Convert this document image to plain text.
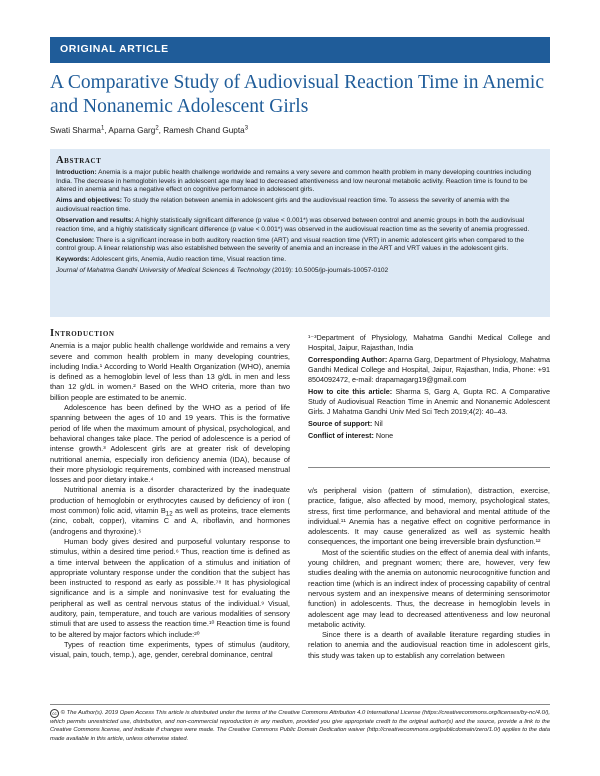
ORIGINAL ARTICLE
A Comparative Study of Audiovisual Reaction Time in Anemic and Nonanemic Adolescent Girls
Swati Sharma$^1$, Aparna Garg$^2$, Ramesh Chand Gupta$^3$
Abstract

Introduction: Anemia is a major public health challenge worldwide and remains a very severe and common health problem in many developing countries including India. The decrease in hemoglobin levels in adolescent age may lead to decreased attentiveness and low neuronal metabolic activity. Reaction time is found to be altered in anemia and has a negative effect on cognitive performance in adolescent girls.

Aims and objectives: To study the relation between anemia in adolescent girls and the audiovisual reaction time. To assess the severity of anemia with the audiovisual reaction time.

Observation and results: A highly statistically significant difference (p value < 0.001*) was observed between control and anemic groups in both the audiovisual reaction time, and a highly statistically significant difference (p value < 0.001*) was observed in the audiovisual reaction time as the severity of anemia progressed.

Conclusion: There is a significant increase in both auditory reaction time (ART) and visual reaction time (VRT) in anemic adolescent girls when compared to the control group. A linear relationship was also established between the severity of anemia and an increase in the ART and VRT values in the adolescent girls.

Keywords: Adolescent girls, Anemia, Audio reaction time, Visual reaction time.

Journal of Mahatma Gandhi University of Medical Sciences & Technology (2019): 10.5005/jp-journals-10057-0102

Introduction

Anemia is a major public health challenge worldwide and remains a very severe and common health problem in many developing countries, including India.¹ According to World Health Organization (WHO), anemia is defined as a hemoglobin level of less than 13 g/dL in men and less than 12 g/dL in women.² Based on the WHO criteria, more than two billion people are estimated to be anemic.

Adolescence has been defined by the WHO as a period of life spanning between the ages of 10 and 19 years. This is the formative period of life when the maximum amount of physical, psychological, and behavioral changes take place. The period of adolescence is a period of intense growth.³ Adolescent girls are at greater risk of developing nutritional anemia, especially iron deficiency anemia (IDA), because of their more physiologic requirements, combined with increased menstrual losses and poor dietary intake.⁴

Nutritional anemia is a disorder characterized by the inadequate production of hemoglobin or erythrocytes caused by deficiency of iron ( most common) folic acid, vitamin $B_{12}$ as well as proteins, trace elements (zinc, cobalt, copper), vitamins C and A, riboflavin, and hormones (androgens and thyroxine).⁵

Human body gives desired and purposeful voluntary response to stimulus, within a desired time period.⁶ Thus, reaction time is defined as a time interval between the application of a stimulus and initiation of appropriate voluntary response under the condition that the subject has been instructed to respond as early as possible.⁷⁸ It has physiological significance and is a simple and noninvasive test for evaluating the peripheral as well as central nervous status of the individual.⁹ Visual, auditory, pain, temperature, and touch are various modalities of sensory stimuli that are used to assess the reaction time.¹⁰ Reaction time is found to be altered by major factors which include:²⁰

Types of reaction time experiments, types of stimulus (auditory, visual, pain, touch, temp.), age, gender, cerebral dominance, central

¹⁻³Department of Physiology, Mahatma Gandhi Medical College and Hospital, Jaipur, Rajasthan, India

Corresponding Author: Aparna Garg, Department of Physiology, Mahatma Gandhi Medical College and Hospital, Jaipur, Rajasthan, India, Phone: +91 8504092472, e-mail: drapamagarg19@gmail.com

How to cite this article: Sharma S, Garg A, Gupta RC. A Comparative Study of Audiovisual Reaction Time in Anemic and Nonanemic Adolescent Girls. J Mahatma Gandhi Univ Med Sci Tech 2019;4(2): 40–43.

Source of support: Nil

Conflict of interest: None

v/s peripheral vision (pattern of stimulation), distraction, exercise, practice, fatigue, also affected by mood, memory, psychological states, stress, first time performance, and behavioral and mental attitude of the individual.¹¹ Anemia has a negative effect on cognitive performance in adolescents. It may cause generalized as well as systemic health consequences, the important one being irreversible brain dysfunction.¹²

Most of the scientific studies on the effect of anemia deal with infants, young children, and pregnant women; there are, however, very few studies dealing with the anemia on autonomic neurocognitive function and reaction time (which is an indirect index of processing capability of central nervous system and an inexpensive means of determining sensorimotor function) in adolescents. Thus, the decrease in hemoglobin levels in adolescent age may lead to decreased attentiveness and low neuronal metabolic activity.

Since there is a dearth of available literature regarding studies in relation to anemia and the audiovisual reaction time in adolescent girls, this study was taken up to establish any correlation between

cc © The Author(s). 2019 Open Access This article is distributed under the terms of the Creative Commons Attribution 4.0 International License (https://creativecommons.org/licenses/by-nc/4.0/), which permits unrestricted use, distribution, and non-commercial reproduction in any medium, provided you give appropriate credit to the original author(s) and the source, provide a link to the Creative Commons license, and indicate if changes were made. The Creative Commons Public Domain Dedication waiver (http://creativecommons.org/publicdomain/zero/1.0/) applies to the data made available in this article, unless otherwise stated.
